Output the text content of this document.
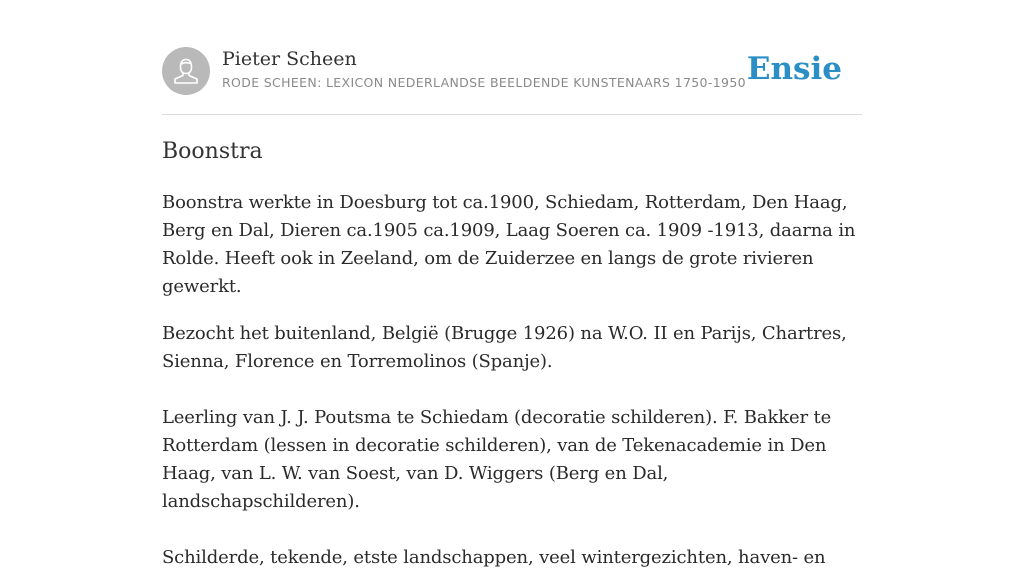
Pieter Scheen
RODE SCHEEN: LEXICON NEDERLANDSE BEELDENDE KUNSTENAARS 1750-1950 Ensie
Boonstra

Boonstra werkte in Doesburg tot ca.1900, Schiedam, Rotterdam, Den Haag, Berg en Dal, Dieren ca.1905 ca.1909, Laag Soeren ca. 1909 -1913, daarna in Rolde. Heeft ook in Zeeland, om de Zuiderzee en langs de grote rivieren gewerkt.

Bezocht het buitenland, België (Brugge 1926) na W.O. II en Parijs, Chartres, Sienna, Florence en Torremolinos (Spanje).

Leerling van J. J. Poutsma te Schiedam (decoratie schilderen). F. Bakker te Rotterdam (lessen in decoratie schilderen), van de Tekenacademie in Den Haag, van L. W. van Soest, van D. Wiggers (Berg en Dal, landschapschilderen).

Schilderde, tekende, etste landschappen, veel wintergezichten, haven- en
